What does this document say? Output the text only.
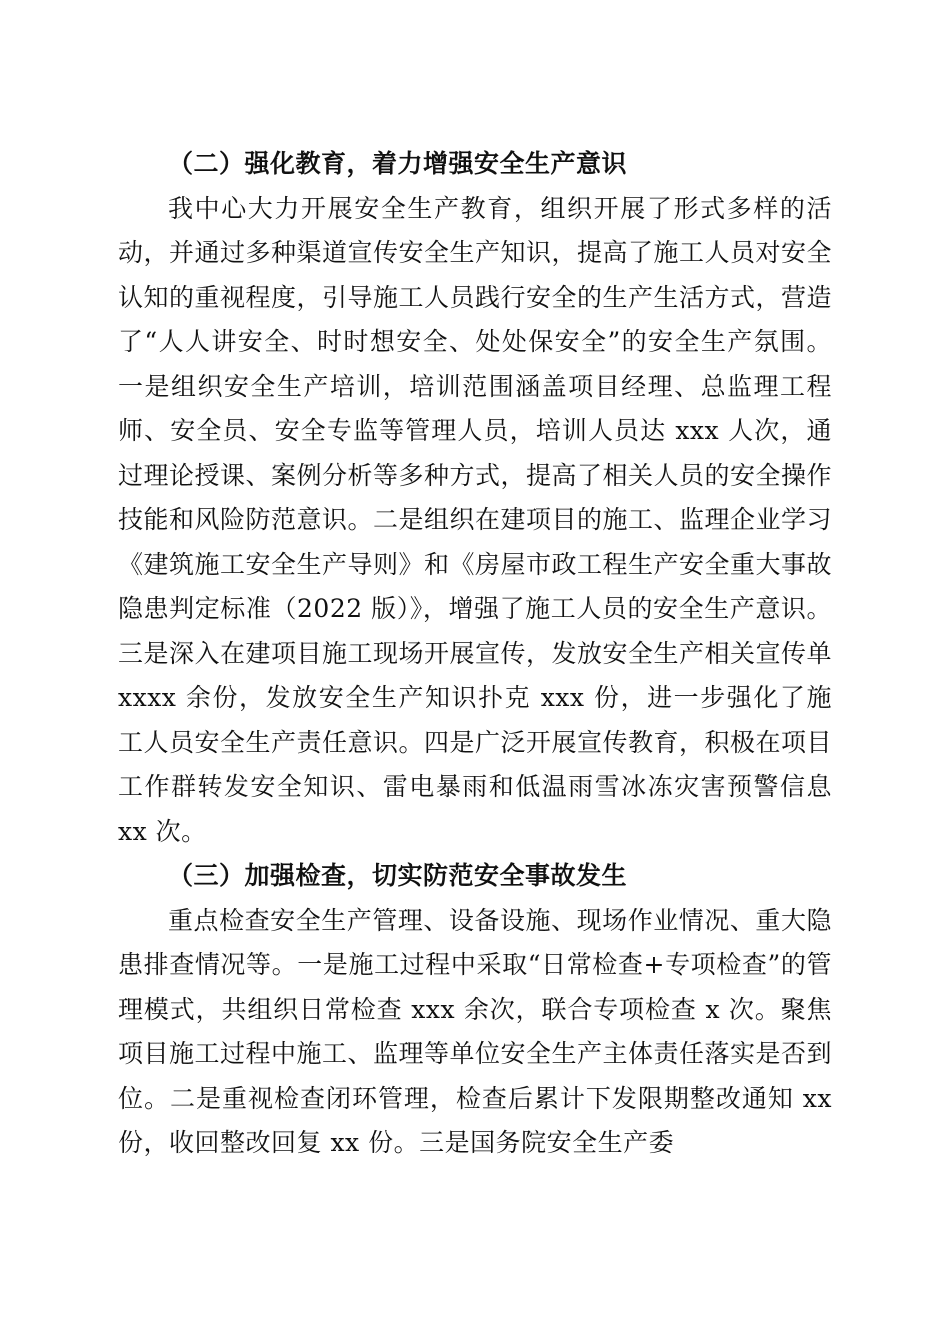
（二）强化教育，着力增强安全生产意识

我中心大力开展安全生产教育，组织开展了形式多样的活动，并通过多种渠道宣传安全生产知识，提高了施工人员对安全认知的重视程度，引导施工人员践行安全的生产生活方式，营造了“人人讲安全、时时想安全、处处保安全”的安全生产氛围。一是组织安全生产培训，培训范围涵盖项目经理、总监理工程师、安全员、安全专监等管理人员，培训人员达 xxx 人次，通过理论授课、案例分析等多种方式，提高了相关人员的安全操作技能和风险防范意识。二是组织在建项目的施工、监理企业学习《建筑施工安全生产导则》和《房屋市政工程生产安全重大事故隐患判定标准（2022 版）》，增强了施工人员的安全生产意识。三是深入在建项目施工现场开展宣传，发放安全生产相关宣传单 xxxx 余份，发放安全生产知识扑克 xxx 份，进一步强化了施工人员安全生产责任意识。四是广泛开展宣传教育，积极在项目工作群转发安全知识、雷电暴雨和低温雨雪冰冻灾害预警信息 xx 次。

（三）加强检查，切实防范安全事故发生

重点检查安全生产管理、设备设施、现场作业情况、重大隐患排查情况等。一是施工过程中采取“日常检查+专项检查”的管理模式，共组织日常检查 xxx 余次，联合专项检查 x 次。聚焦项目施工过程中施工、监理等单位安全生产主体责任落实是否到位。二是重视检查闭环管理，检查后累计下发限期整改通知 xx 份，收回整改回复 xx 份。三是国务院安全生产委
